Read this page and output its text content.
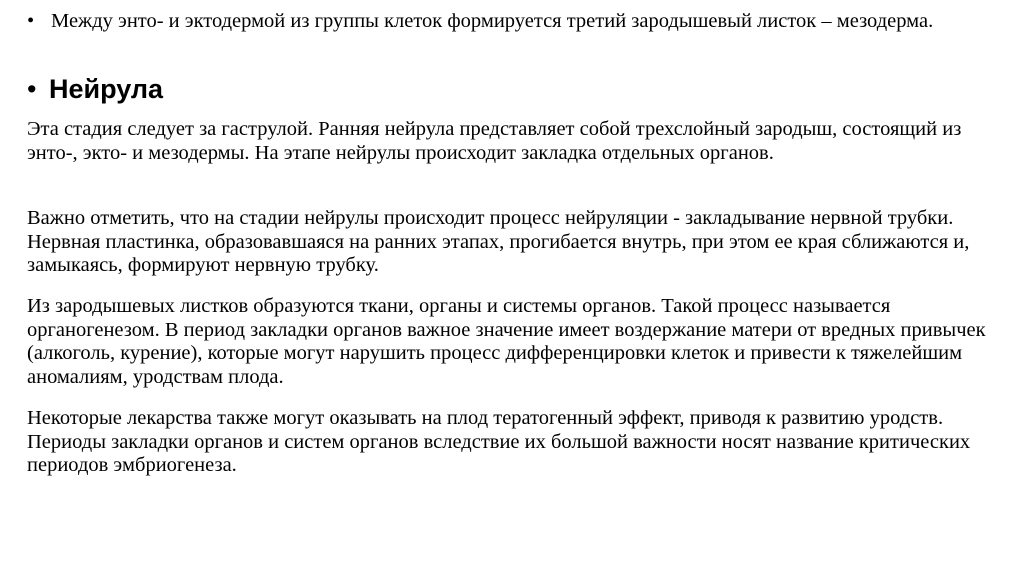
• Между энто- и эктодермой из группы клеток формируется третий зародышевый листок – мезодерма.
• Нейрула

Эта стадия следует за гаструлой. Ранняя нейрула представляет собой трехслойный зародыш, состоящий из энто-, экто- и мезодермы. На этапе нейрулы происходит закладка отдельных органов.

Важно отметить, что на стадии нейрулы происходит процесс нейруляции - закладывание нервной трубки. Нервная пластинка, образовавшаяся на ранних этапах, прогибается внутрь, при этом ее края сближаются и, замыкаясь, формируют нервную трубку.

Из зародышевых листков образуются ткани, органы и системы органов. Такой процесс называется органогенезом. В период закладки органов важное значение имеет воздержание матери от вредных привычек (алкоголь, курение), которые могут нарушить процесс дифференцировки клеток и привести к тяжелейшим аномалиям, уродствам плода.

Некоторые лекарства также могут оказывать на плод тератогенный эффект, приводя к развитию уродств. Периоды закладки органов и систем органов вследствие их большой важности носят название критических периодов эмбриогенеза.
